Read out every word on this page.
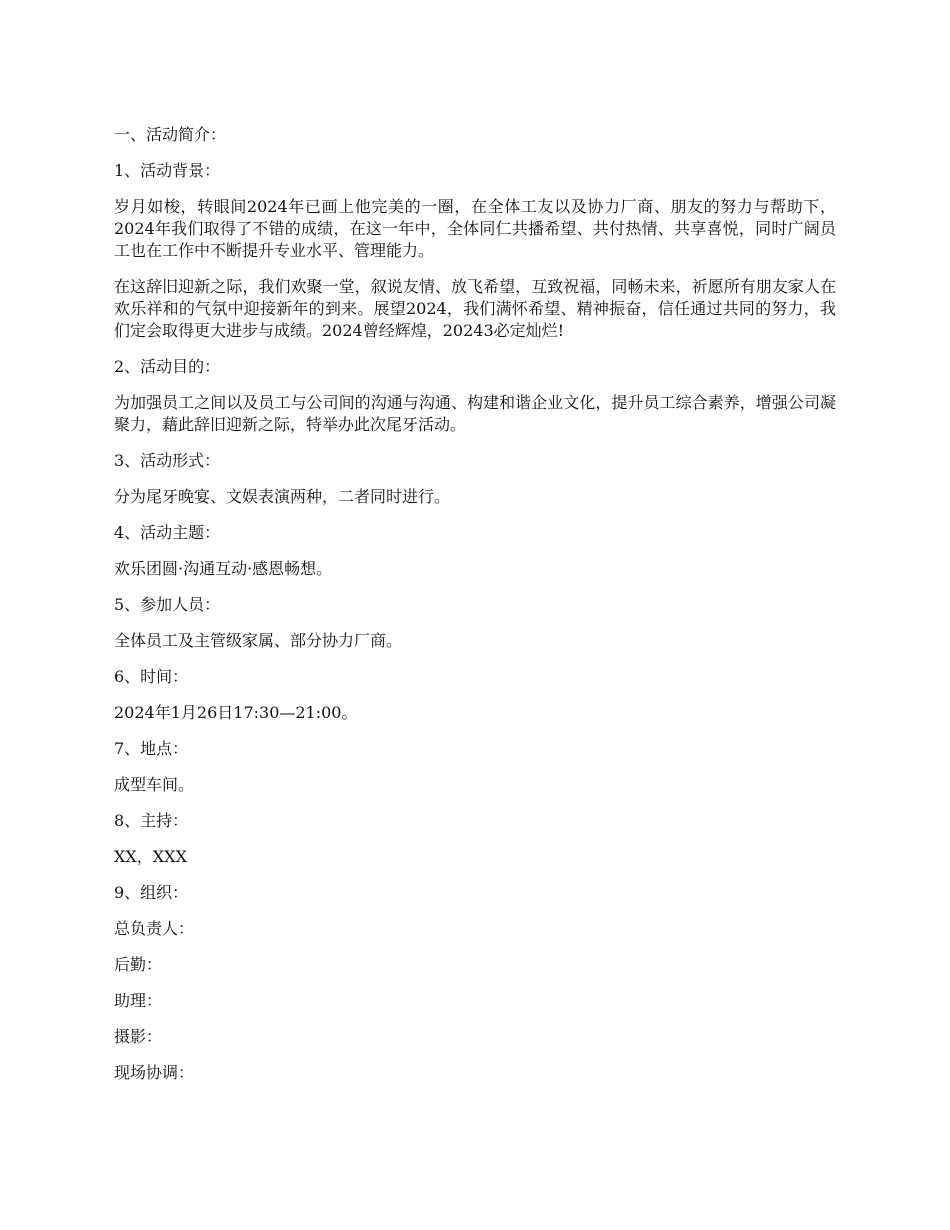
一、活动简介：

1、活动背景：

岁月如梭，转眼间2024年已画上他完美的一圈，在全体工友以及协力厂商、朋友的努力与帮助下，2024年我们取得了不错的成绩，在这一年中，全体同仁共播希望、共付热情、共享喜悦，同时广阔员工也在工作中不断提升专业水平、管理能力。

在这辞旧迎新之际，我们欢聚一堂，叙说友情、放飞希望，互致祝福，同畅未来，祈愿所有朋友家人在欢乐祥和的气氛中迎接新年的到来。展望2024，我们满怀希望、精神振奋，信任通过共同的努力，我们定会取得更大进步与成绩。2024曾经辉煌，20243必定灿烂!

2、活动目的：

为加强员工之间以及员工与公司间的沟通与沟通、构建和谐企业文化，提升员工综合素养，增强公司凝聚力，藉此辞旧迎新之际，特举办此次尾牙活动。

3、活动形式：

分为尾牙晚宴、文娱表演两种，二者同时进行。

4、活动主题：

欢乐团圆·沟通互动·感恩畅想。

5、参加人员：

全体员工及主管级家属、部分协力厂商。

6、时间：

2024年1月26日17:30—21:00。

7、地点：

成型车间。

8、主持：

XX，XXX

9、组织：

总负责人：

后勤：

助理：

摄影：

现场协调：
